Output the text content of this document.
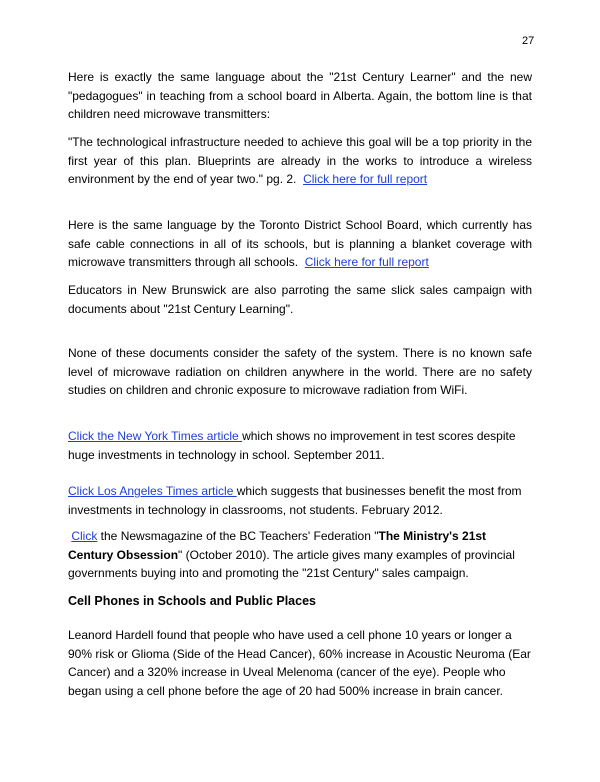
27

Here is exactly the same language about the "21st Century Learner" and the new "pedagogues" in teaching from a school board in Alberta. Again, the bottom line is that children need microwave transmitters:

"The technological infrastructure needed to achieve this goal will be a top priority in the first year of this plan. Blueprints are already in the works to introduce a wireless environment by the end of year two." pg. 2. Click here for full report

Here is the same language by the Toronto District School Board, which currently has safe cable connections in all of its schools, but is planning a blanket coverage with microwave transmitters through all schools. Click here for full report

Educators in New Brunswick are also parroting the same slick sales campaign with documents about "21st Century Learning".

None of these documents consider the safety of the system. There is no known safe level of microwave radiation on children anywhere in the world. There are no safety studies on children and chronic exposure to microwave radiation from WiFi.

Click the New York Times article which shows no improvement in test scores despite huge investments in technology in school. September 2011.

Click Los Angeles Times article which suggests that businesses benefit the most from investments in technology in classrooms, not students. February 2012.

Click the Newsmagazine of the BC Teachers' Federation "The Ministry's 21st Century Obsession" (October 2010). The article gives many examples of provincial governments buying into and promoting the "21st Century" sales campaign.

Cell Phones in Schools and Public Places

Leanord Hardell found that people who have used a cell phone 10 years or longer a 90% risk or Glioma (Side of the Head Cancer), 60% increase in Acoustic Neuroma (Ear Cancer) and a 320% increase in Uveal Melenoma (cancer of the eye). People who began using a cell phone before the age of 20 had 500% increase in brain cancer.
